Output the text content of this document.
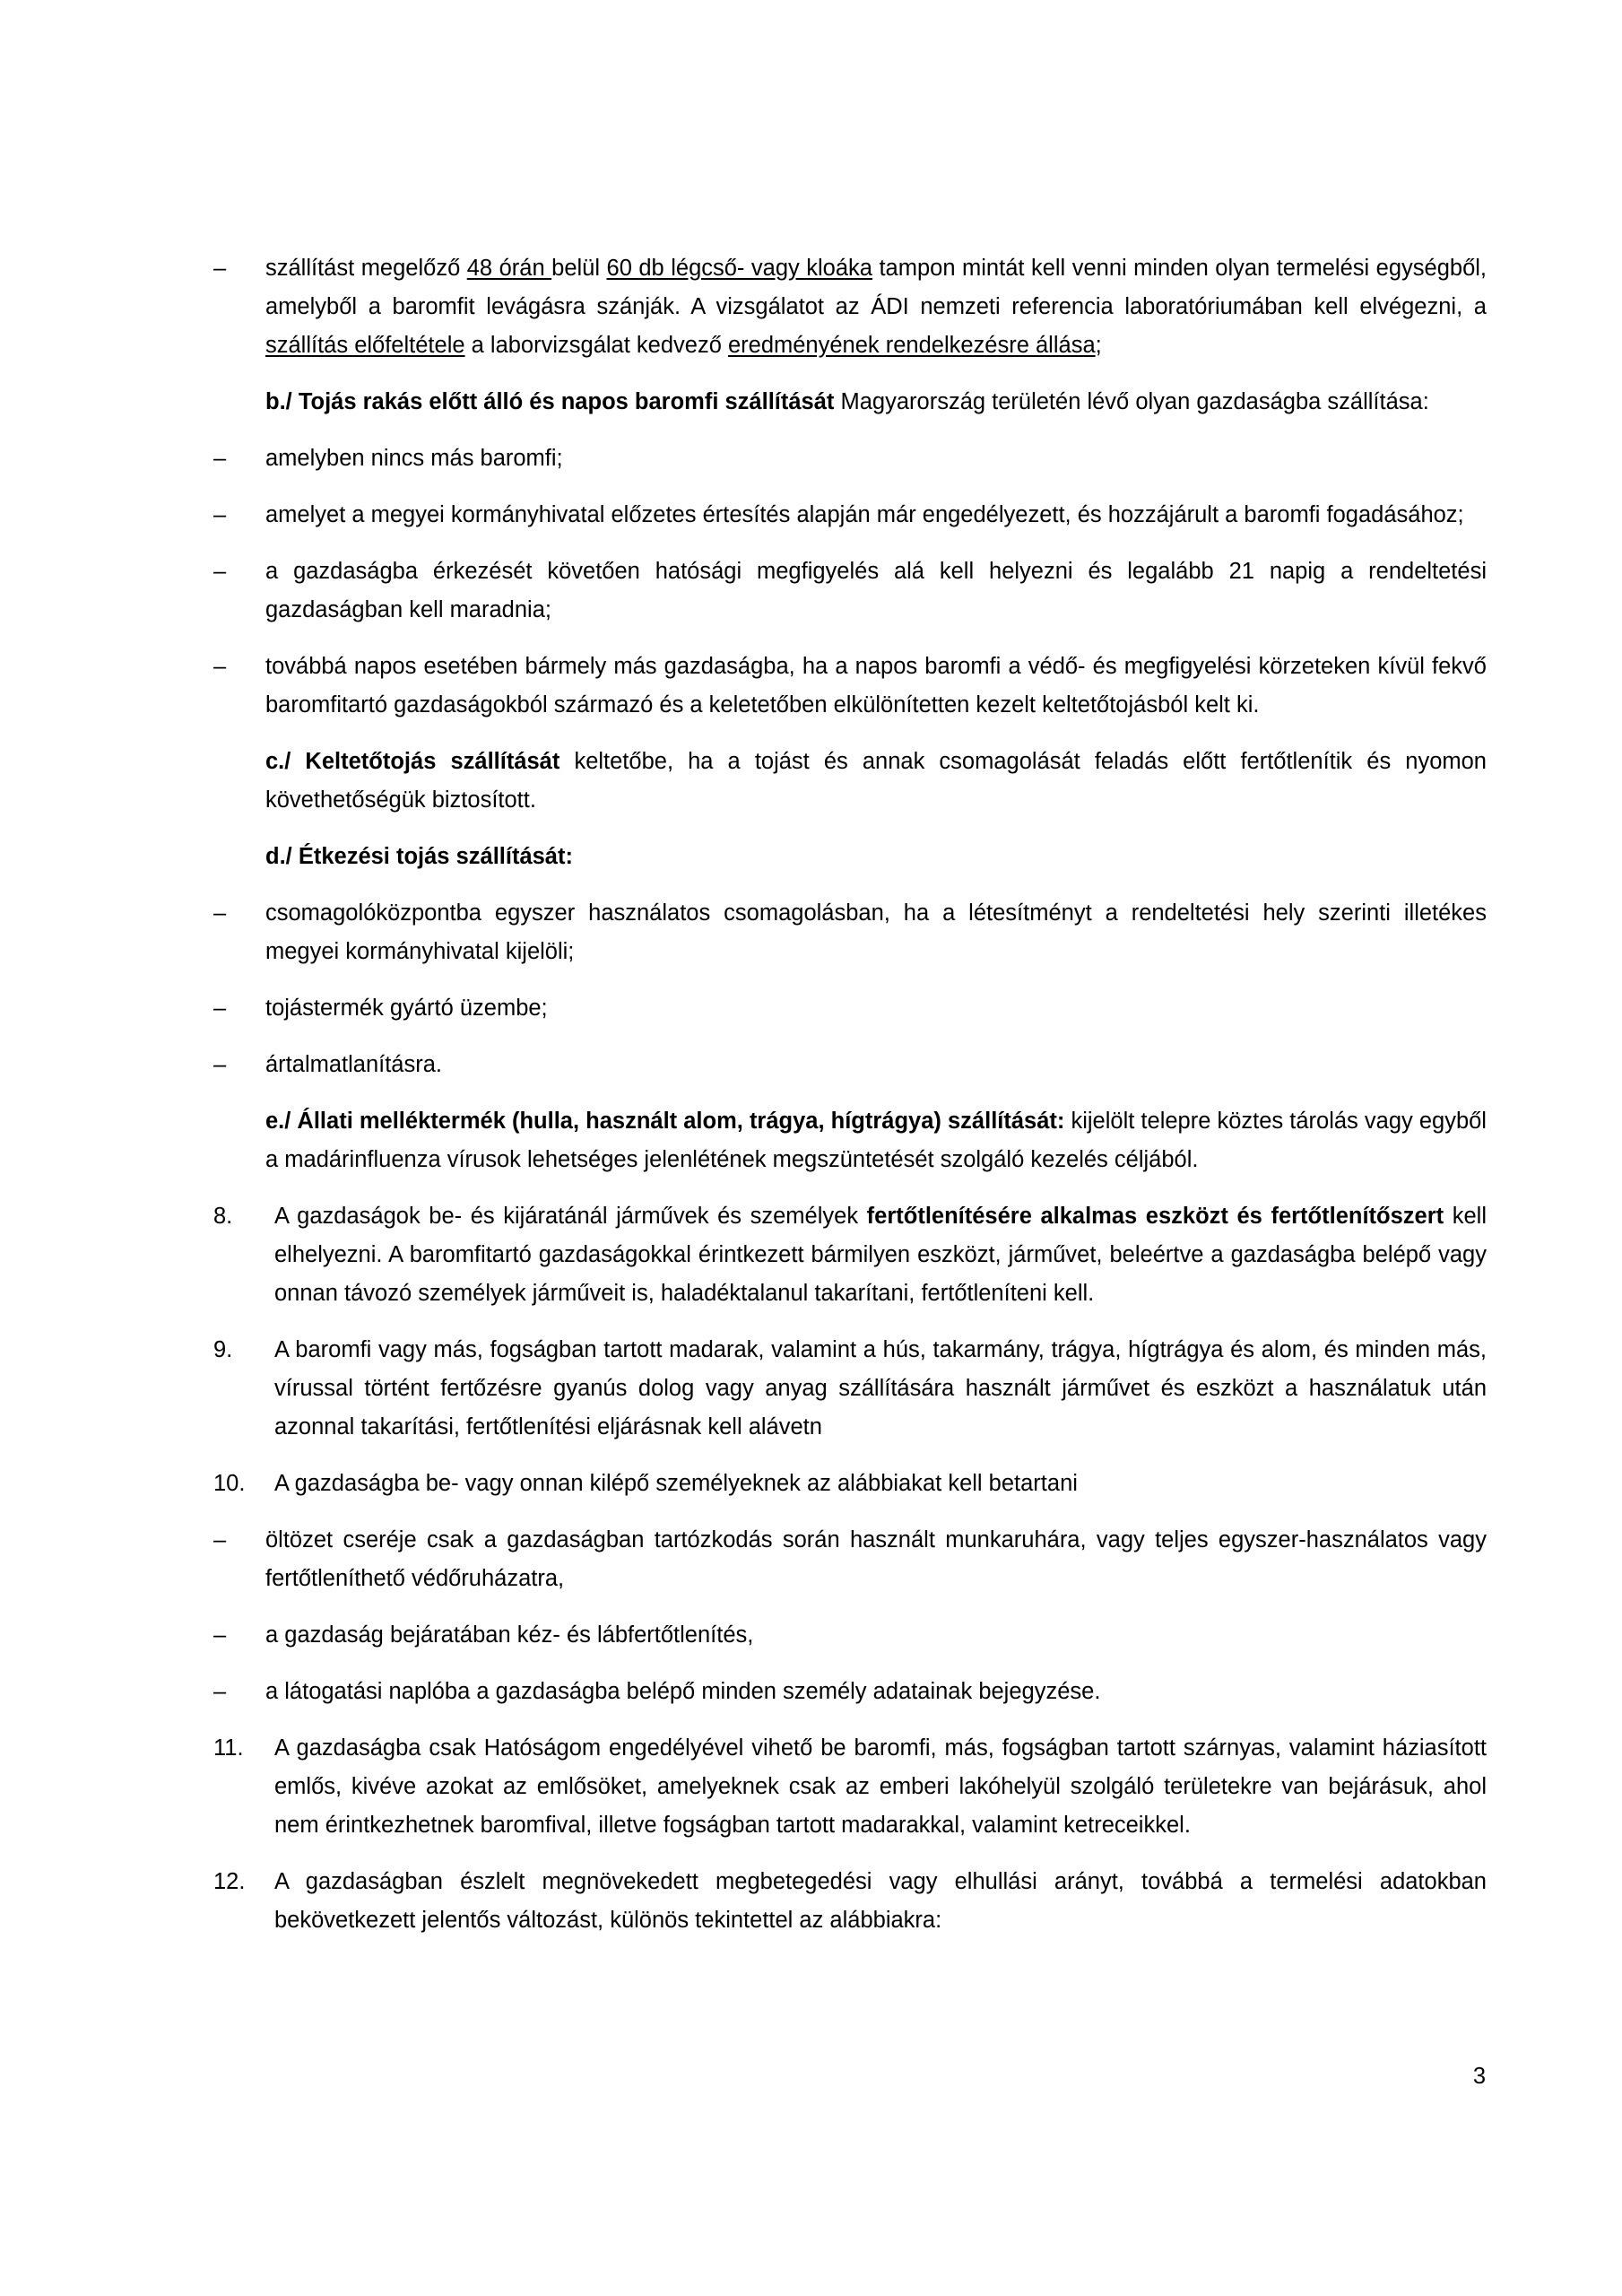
–	szállítást megelőző 48 órán belül 60 db légcső- vagy kloáka tampon mintát kell venni minden olyan termelési egységből, amelyből a baromfit levágásra szánják. A vizsgálatot az ÁDI nemzeti referencia laboratóriumában kell elvégezni, a szállítás előfeltétele a laborvizsgálat kedvező eredményének rendelkezésre állása;
b./ Tojás rakás előtt álló és napos baromfi szállítását Magyarország területén lévő olyan gazdaságba szállítása:
–	amelyben nincs más baromfi;
–	amelyet a megyei kormányhivatal előzetes értesítés alapján már engedélyezett, és hozzájárult a baromfi fogadásához;
–	a gazdaságba érkezését követően hatósági megfigyelés alá kell helyezni és legalább 21 napig a rendeltetési gazdaságban kell maradnia;
–	továbbá napos esetében bármely más gazdaságba, ha a napos baromfi a védő- és megfigyelési körzeteken kívül fekvő baromfitartó gazdaságokból származó és a keletetőben elkülönítetten kezelt keltetőtojásból kelt ki.
c./ Keltetőtojás szállítását keltetőbe, ha a tojást és annak csomagolását feladás előtt fertőtlenítik és nyomon követhetőségük biztosított.
d./ Étkezési tojás szállítását:
–	csomagolóközpontba egyszer használatos csomagolásban, ha a létesítményt a rendeltetési hely szerinti illetékes megyei kormányhivatal kijelöli;
–	tojástermék gyártó üzembe;
–	ártalmatlanításra.
e./ Állati melléktermék (hulla, használt alom, trágya, hígtrágya) szállítását: kijelölt telepre köztes tárolás vagy egyből a madárinfluenza vírusok lehetséges jelenlétének megszüntetését szolgáló kezelés céljából.
8.	A gazdaságok be- és kijáratánál járművek és személyek fertőtlenítésére alkalmas eszközt és fertőtlenítőszert kell elhelyezni. A baromfitartó gazdaságokkal érintkezett bármilyen eszközt, járművet, beleértve a gazdaságba belépő vagy onnan távozó személyek járműveit is, haladéktalanul takarítani, fertőtleníteni kell.
9.	A baromfi vagy más, fogságban tartott madarak, valamint a hús, takarmány, trágya, hígtrágya és alom, és minden más, vírussal történt fertőzésre gyanús dolog vagy anyag szállítására használt járművet és eszközt a használatuk után azonnal takarítási, fertőtlenítési eljárásnak kell alávetn
10.	A gazdaságba be- vagy onnan kilépő személyeknek az alábbiakat kell betartani
–	öltözet cseréje csak a gazdaságban tartózkodás során használt munkaruhára, vagy teljes egyszer-használatos vagy fertőtleníthető védőruházatra,
–	a gazdaság bejáratában kéz- és lábfertőtlenítés,
–	a látogatási naplóba a gazdaságba belépő minden személy adatainak bejegyzése.
11.	A gazdaságba csak Hatóságom engedélyével vihető be baromfi, más, fogságban tartott szárnyas, valamint háziasított emlős, kivéve azokat az emlősöket, amelyeknek csak az emberi lakóhelyül szolgáló területekre van bejárásuk, ahol nem érintkezhetnek baromfival, illetve fogságban tartott madarakkal, valamint ketreceikkel.
12.	A gazdaságban észlelt megnövekedett megbetegedési vagy elhullási arányt, továbbá a termelési adatokban bekövetkezett jelentős változást, különös tekintettel az alábbiakra:
3
